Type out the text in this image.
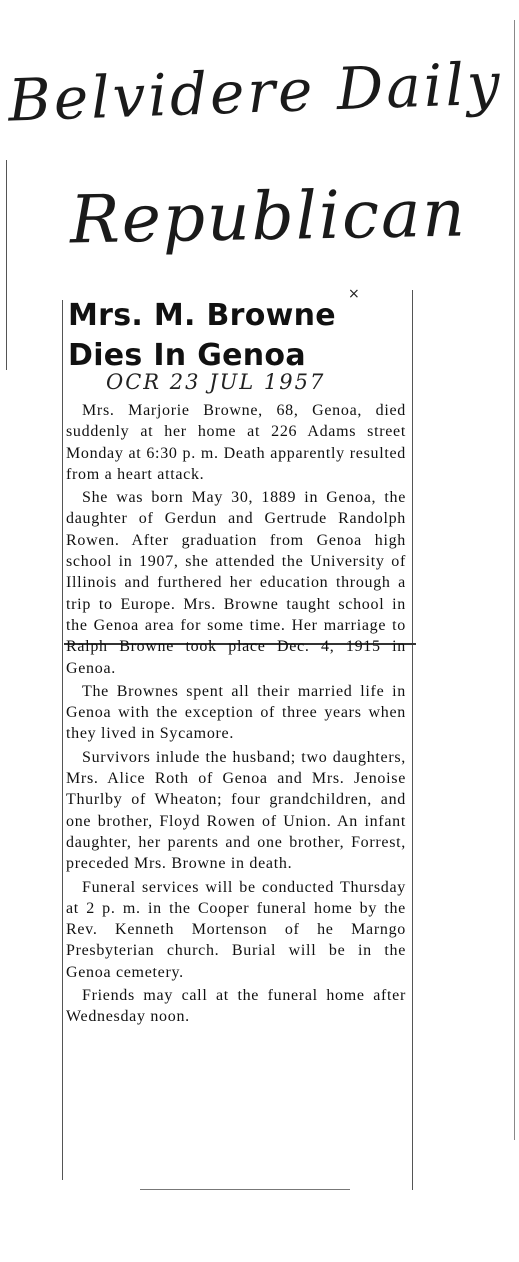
Belvidere Daily
Republican
×
Mrs. M. Browne
Dies In Genoa
OCR 23 JUL 1957

Mrs. Marjorie Browne, 68, Genoa, died suddenly at her home at 226 Adams street Monday at 6:30 p. m. Death apparently resulted from a heart attack.

She was born May 30, 1889 in Genoa, the daughter of Gerdun and Gertrude Randolph Rowen. After graduation from Genoa high school in 1907, she attended the University of Illinois and furthered her education through a trip to Europe. Mrs. Browne taught school in the Genoa area for some time. Her marriage to Ralph Browne took place Dec. 4, 1915 in Genoa.

The Brownes spent all their married life in Genoa with the exception of three years when they lived in Sycamore.

Survivors inlude the husband; two daughters, Mrs. Alice Roth of Genoa and Mrs. Jenoise Thurlby of Wheaton; four grandchildren, and one brother, Floyd Rowen of Union. An infant daughter, her parents and one brother, Forrest, preceded Mrs. Browne in death.

Funeral services will be conducted Thursday at 2 p. m. in the Cooper funeral home by the Rev. Kenneth Mortenson of he Marngo Presbyterian church. Burial will be in the Genoa cemetery.

Friends may call at the funeral home after Wednesday noon.
